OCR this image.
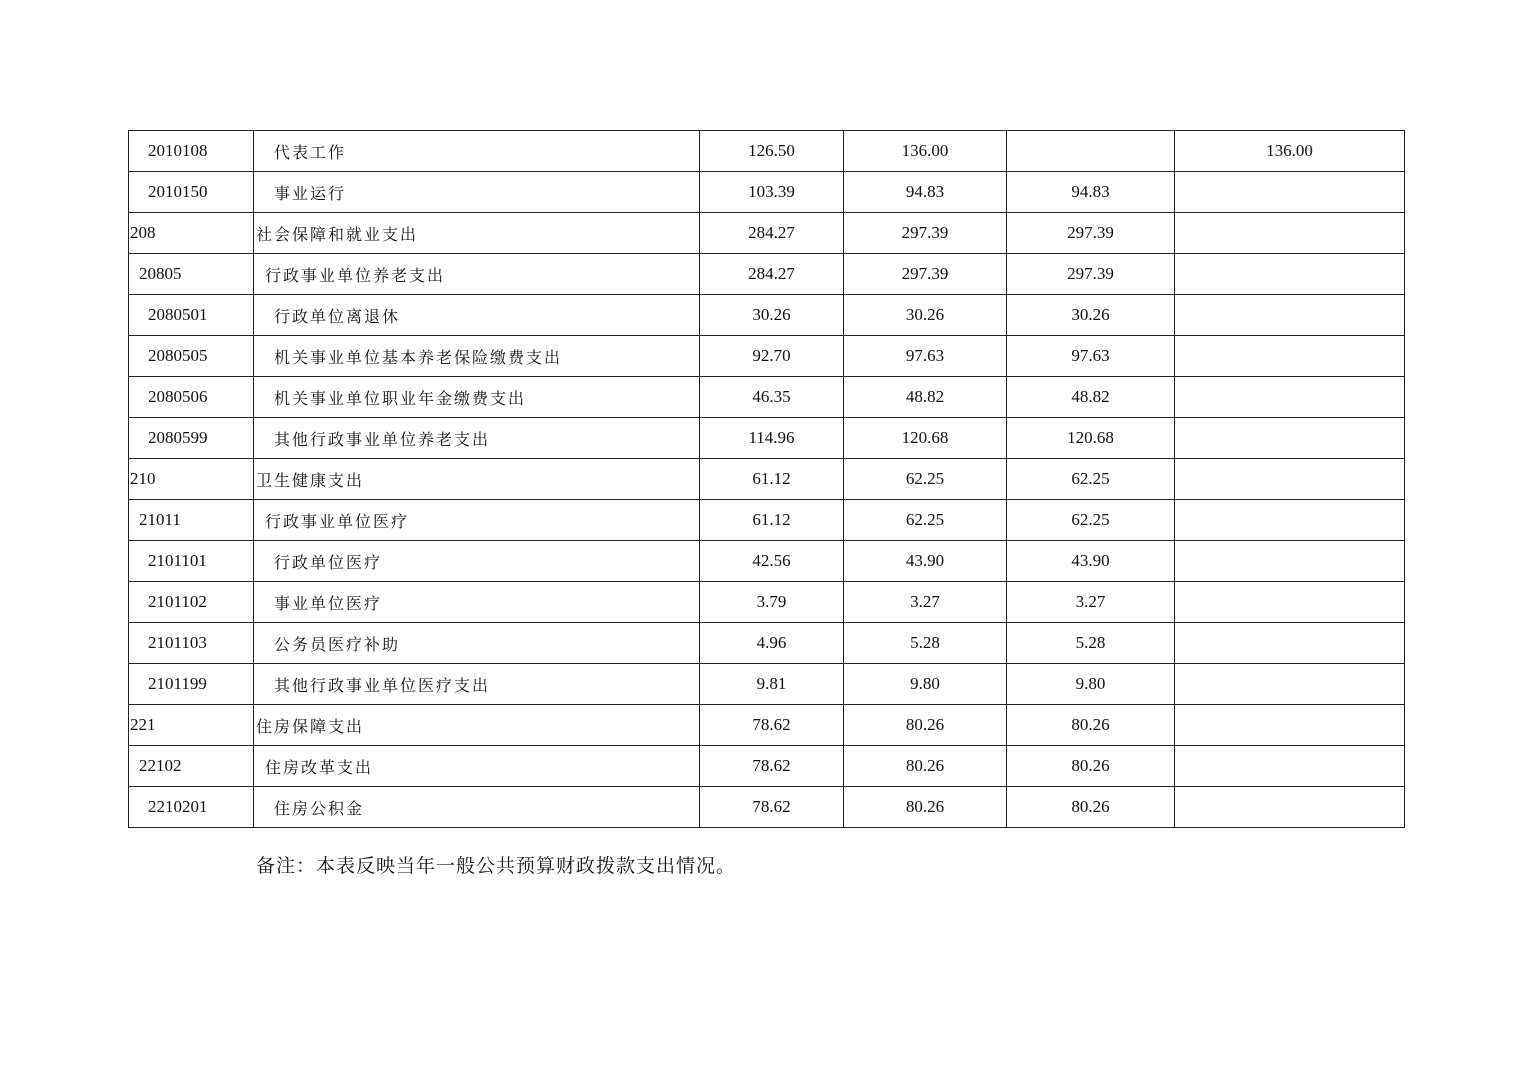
2010108	代表工作	126.50	136.00		136.00
2010150	事业运行	103.39	94.83	94.83	
208	社会保障和就业支出	284.27	297.39	297.39	
20805	行政事业单位养老支出	284.27	297.39	297.39	
2080501	行政单位离退休	30.26	30.26	30.26	
2080505	机关事业单位基本养老保险缴费支出	92.70	97.63	97.63	
2080506	机关事业单位职业年金缴费支出	46.35	48.82	48.82	
2080599	其他行政事业单位养老支出	114.96	120.68	120.68	
210	卫生健康支出	61.12	62.25	62.25	
21011	行政事业单位医疗	61.12	62.25	62.25	
2101101	行政单位医疗	42.56	43.90	43.90	
2101102	事业单位医疗	3.79	3.27	3.27	
2101103	公务员医疗补助	4.96	5.28	5.28	
2101199	其他行政事业单位医疗支出	9.81	9.80	9.80	
221	住房保障支出	78.62	80.26	80.26	
22102	住房改革支出	78.62	80.26	80.26	
2210201	住房公积金	78.62	80.26	80.26	
备注：本表反映当年一般公共预算财政拨款支出情况。
